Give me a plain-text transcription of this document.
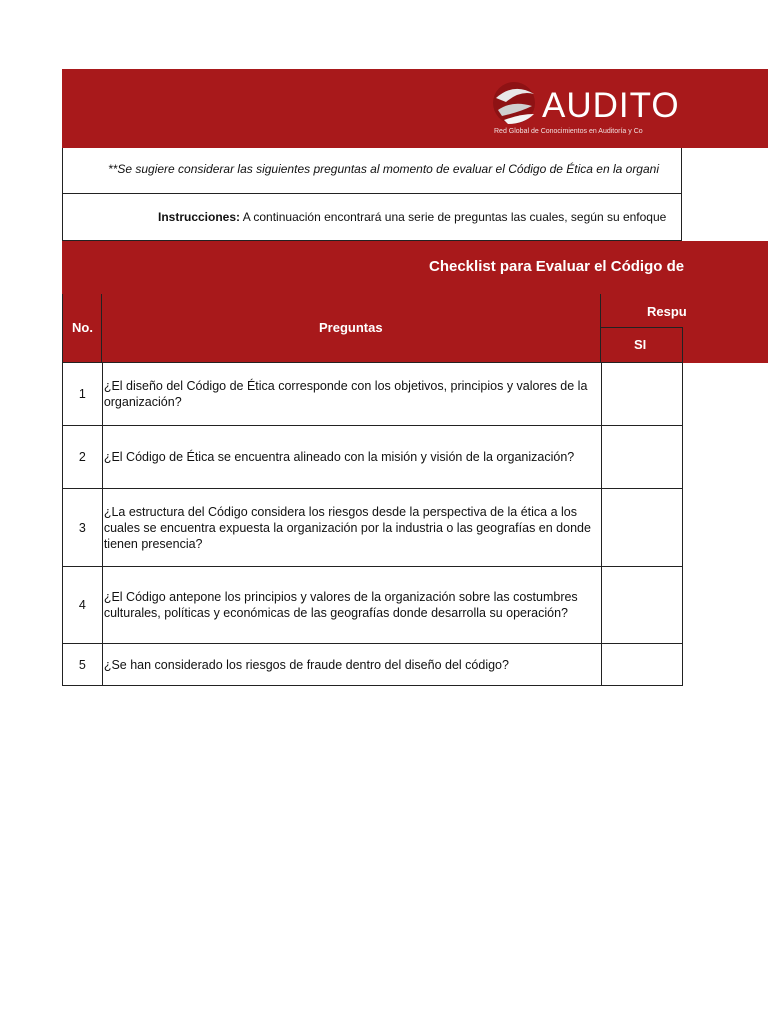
AUDITO
Red Global de Conocimientos en Auditoría y Co
**Se sugiere considerar las siguientes preguntas al momento de evaluar el Código de Ética en la organi
Instrucciones: A continuación encontrará una serie de preguntas las cuales, según su enfoque
Checklist para Evaluar el Código de
No.	Preguntas
Respu
SI
1	¿El diseño del Código de Ética corresponde con los objetivos, principios y valores de la organización?	
2	¿El Código de Ética se encuentra alineado con la misión y visión de la organización?	
3	¿La estructura del Código considera los riesgos desde la perspectiva de la ética a los cuales se encuentra expuesta la organización por la industria o las geografías en donde tienen presencia?	
4	¿El Código antepone los principios y valores de la organización sobre las costumbres culturales, políticas y económicas de las geografías donde desarrolla su operación?	
5	¿Se han considerado los riesgos de fraude dentro del diseño del código?	
